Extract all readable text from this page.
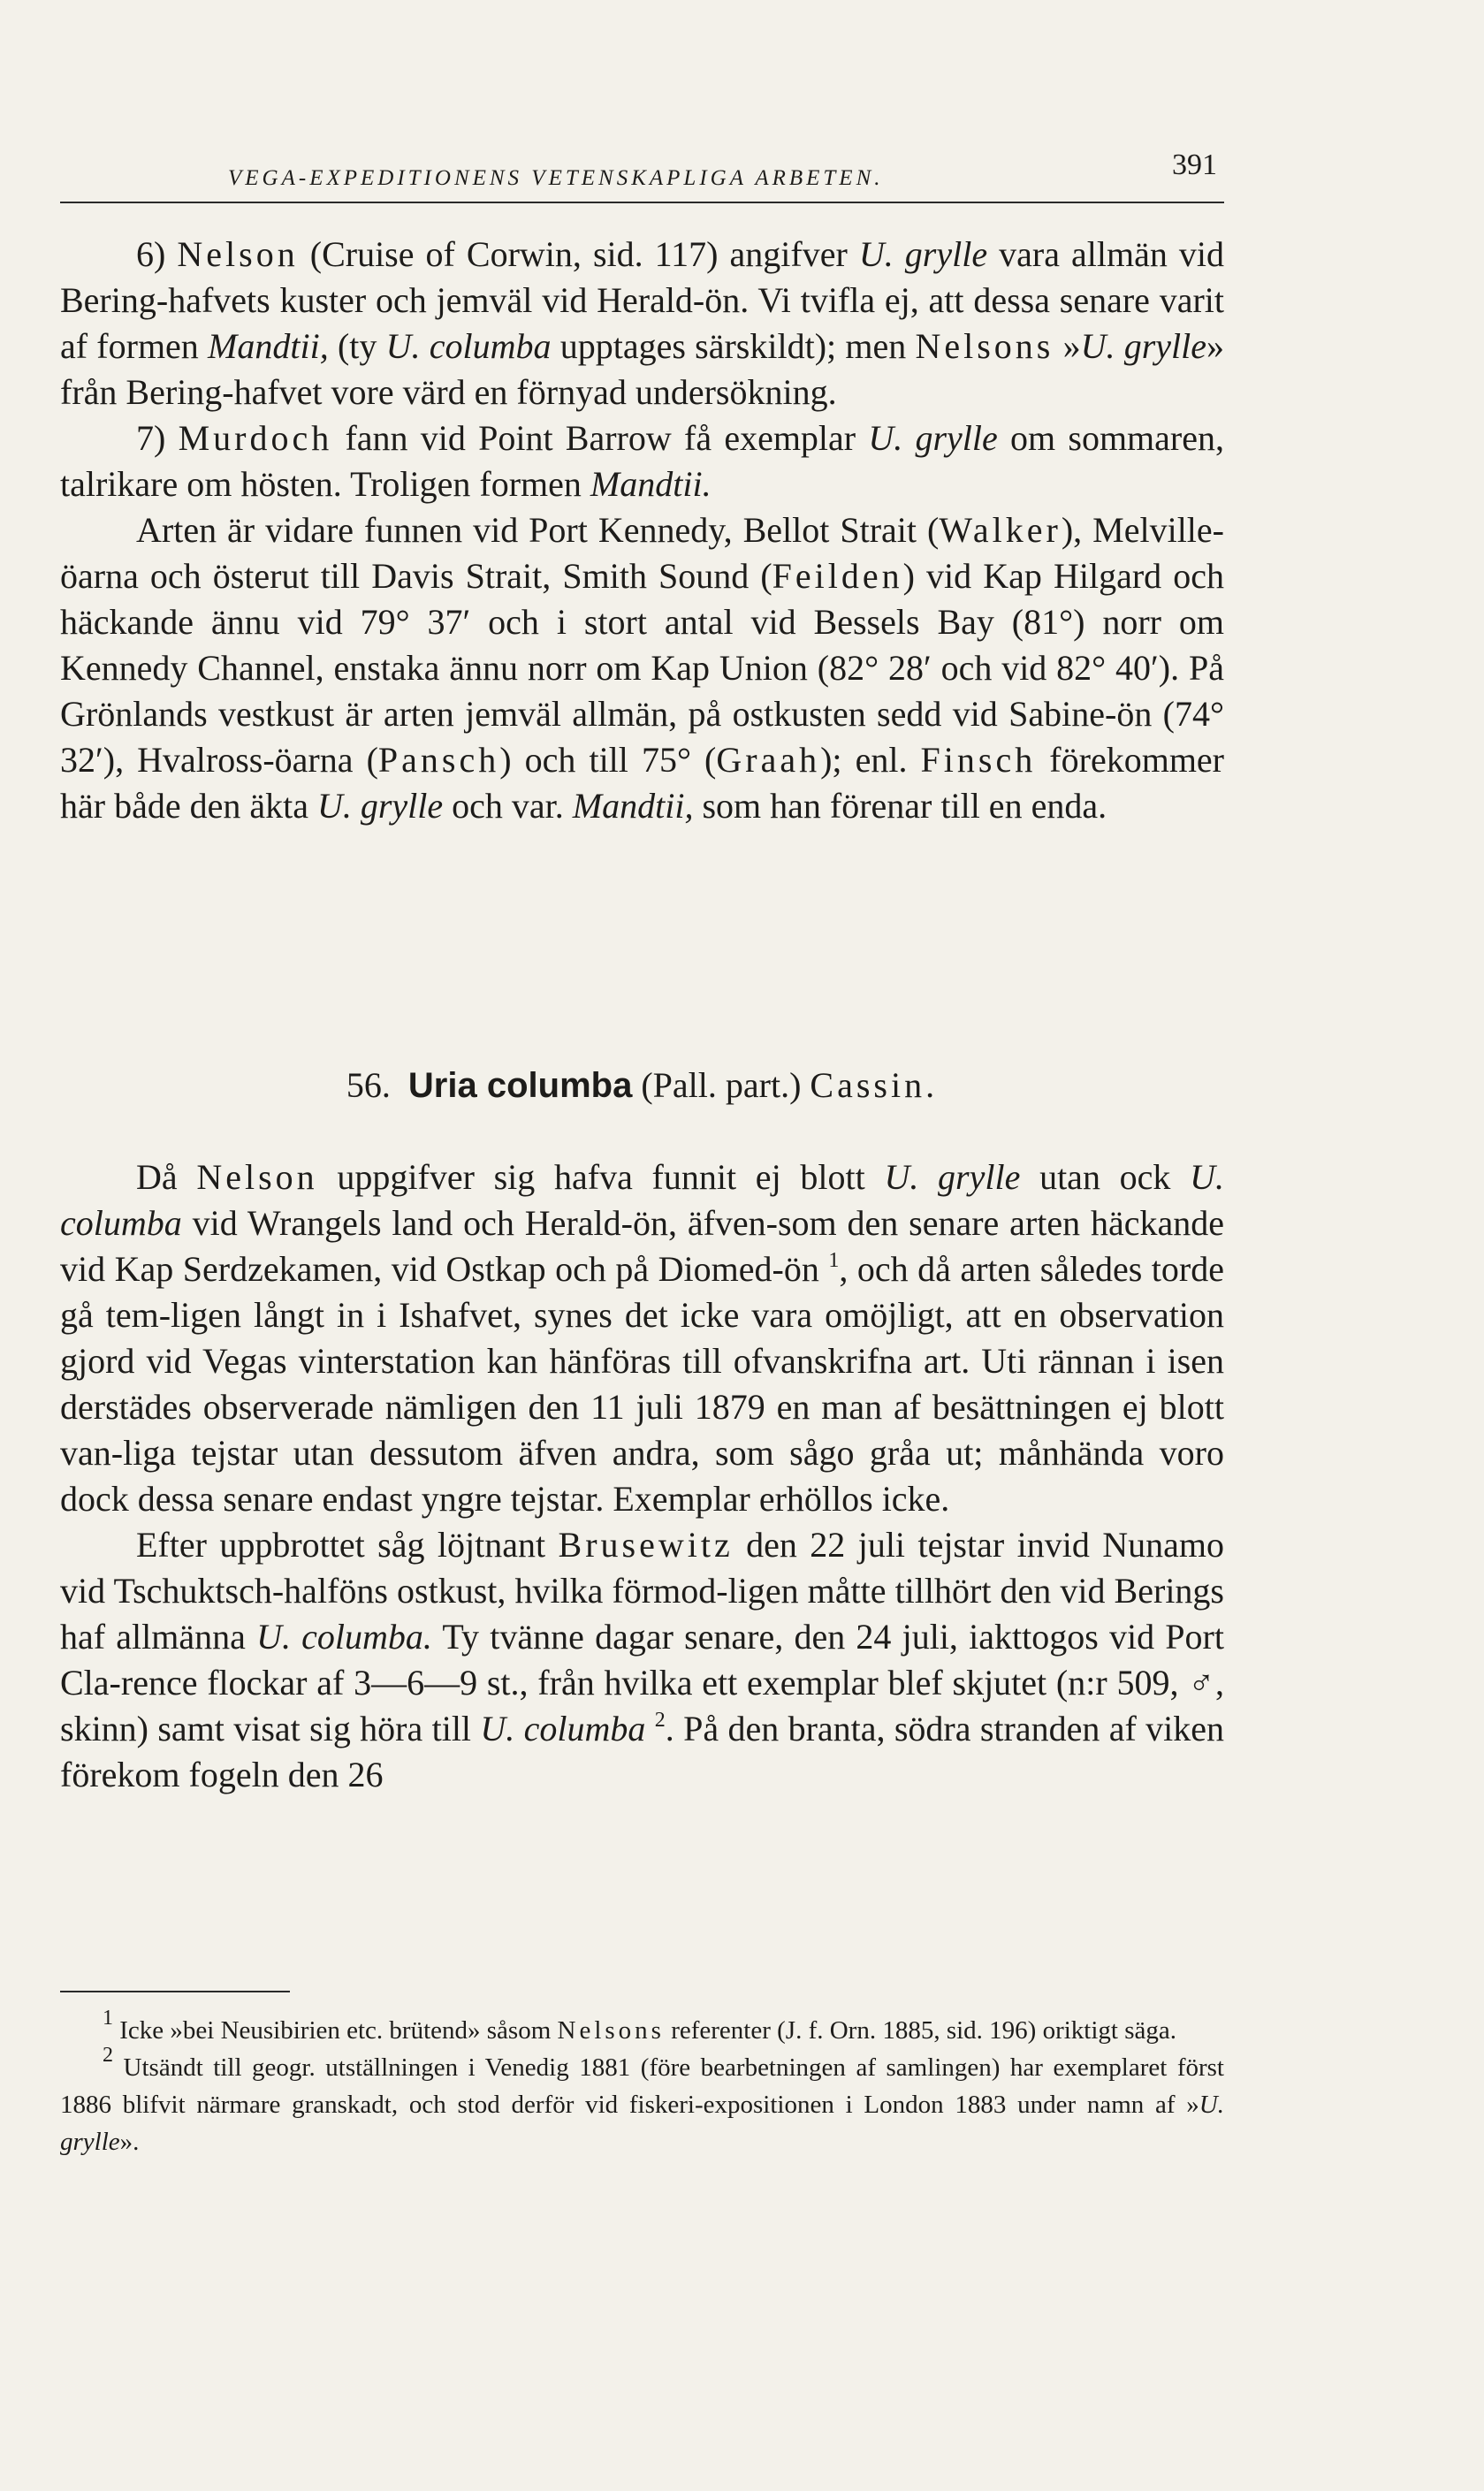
VEGA-EXPEDITIONENS VETENSKAPLIGA ARBETEN.	391

6) Nelson (Cruise of Corwin, sid. 117) angifver U. grylle vara allmän vid Bering-hafvets kuster och jemväl vid Herald-ön. Vi tvifla ej, att dessa senare varit af formen Mandtii, (ty U. columba upptages särskildt); men Nelsons »U. grylle» från Bering-hafvet vore värd en förnyad undersökning.

7) Murdoch fann vid Point Barrow få exemplar U. grylle om sommaren, talrikare om hösten. Troligen formen Mandtii.

Arten är vidare funnen vid Port Kennedy, Bellot Strait (Walker), Melville-öarna och österut till Davis Strait, Smith Sound (Feilden) vid Kap Hilgard och häckande ännu vid 79° 37′ och i stort antal vid Bessels Bay (81°) norr om Kennedy Channel, enstaka ännu norr om Kap Union (82° 28′ och vid 82° 40′). På Grönlands vestkust är arten jemväl allmän, på ostkusten sedd vid Sabine-ön (74° 32′), Hvalross-öarna (Pansch) och till 75° (Graah); enl. Finsch förekommer här både den äkta U. grylle och var. Mandtii, som han förenar till en enda.

56. Uria columba (Pall. part.) Cassin.

Då Nelson uppgifver sig hafva funnit ej blott U. grylle utan ock U. columba vid Wrangels land och Herald-ön, äfven-som den senare arten häckande vid Kap Serdzekamen, vid Ostkap och på Diomed-ön $^1$, och då arten således torde gå tem-ligen långt in i Ishafvet, synes det icke vara omöjligt, att en observation gjord vid Vegas vinterstation kan hänföras till ofvanskrifna art. Uti rännan i isen derstädes observerade nämligen den 11 juli 1879 en man af besättningen ej blott van-liga tejstar utan dessutom äfven andra, som sågo gråa ut; månhända voro dock dessa senare endast yngre tejstar. Exemplar erhöllos icke.

Efter uppbrottet såg löjtnant Brusewitz den 22 juli tejstar invid Nunamo vid Tschuktsch-halföns ostkust, hvilka förmod-ligen måtte tillhört den vid Berings haf allmänna U. columba. Ty tvänne dagar senare, den 24 juli, iakttogos vid Port Cla-rence flockar af 3—6—9 st., från hvilka ett exemplar blef skjutet (n:r 509, ♂, skinn) samt visat sig höra till U. columba $^2$. På den branta, södra stranden af viken förekom fogeln den 26

$^1$ Icke »bei Neusibirien etc. brütend» såsom Nelsons referenter (J. f. Orn. 1885, sid. 196) oriktigt säga.

$^2$ Utsändt till geogr. utställningen i Venedig 1881 (före bearbetningen af samlingen) har exemplaret först 1886 blifvit närmare granskadt, och stod derför vid fiskeri-expositionen i London 1883 under namn af »U. grylle».
